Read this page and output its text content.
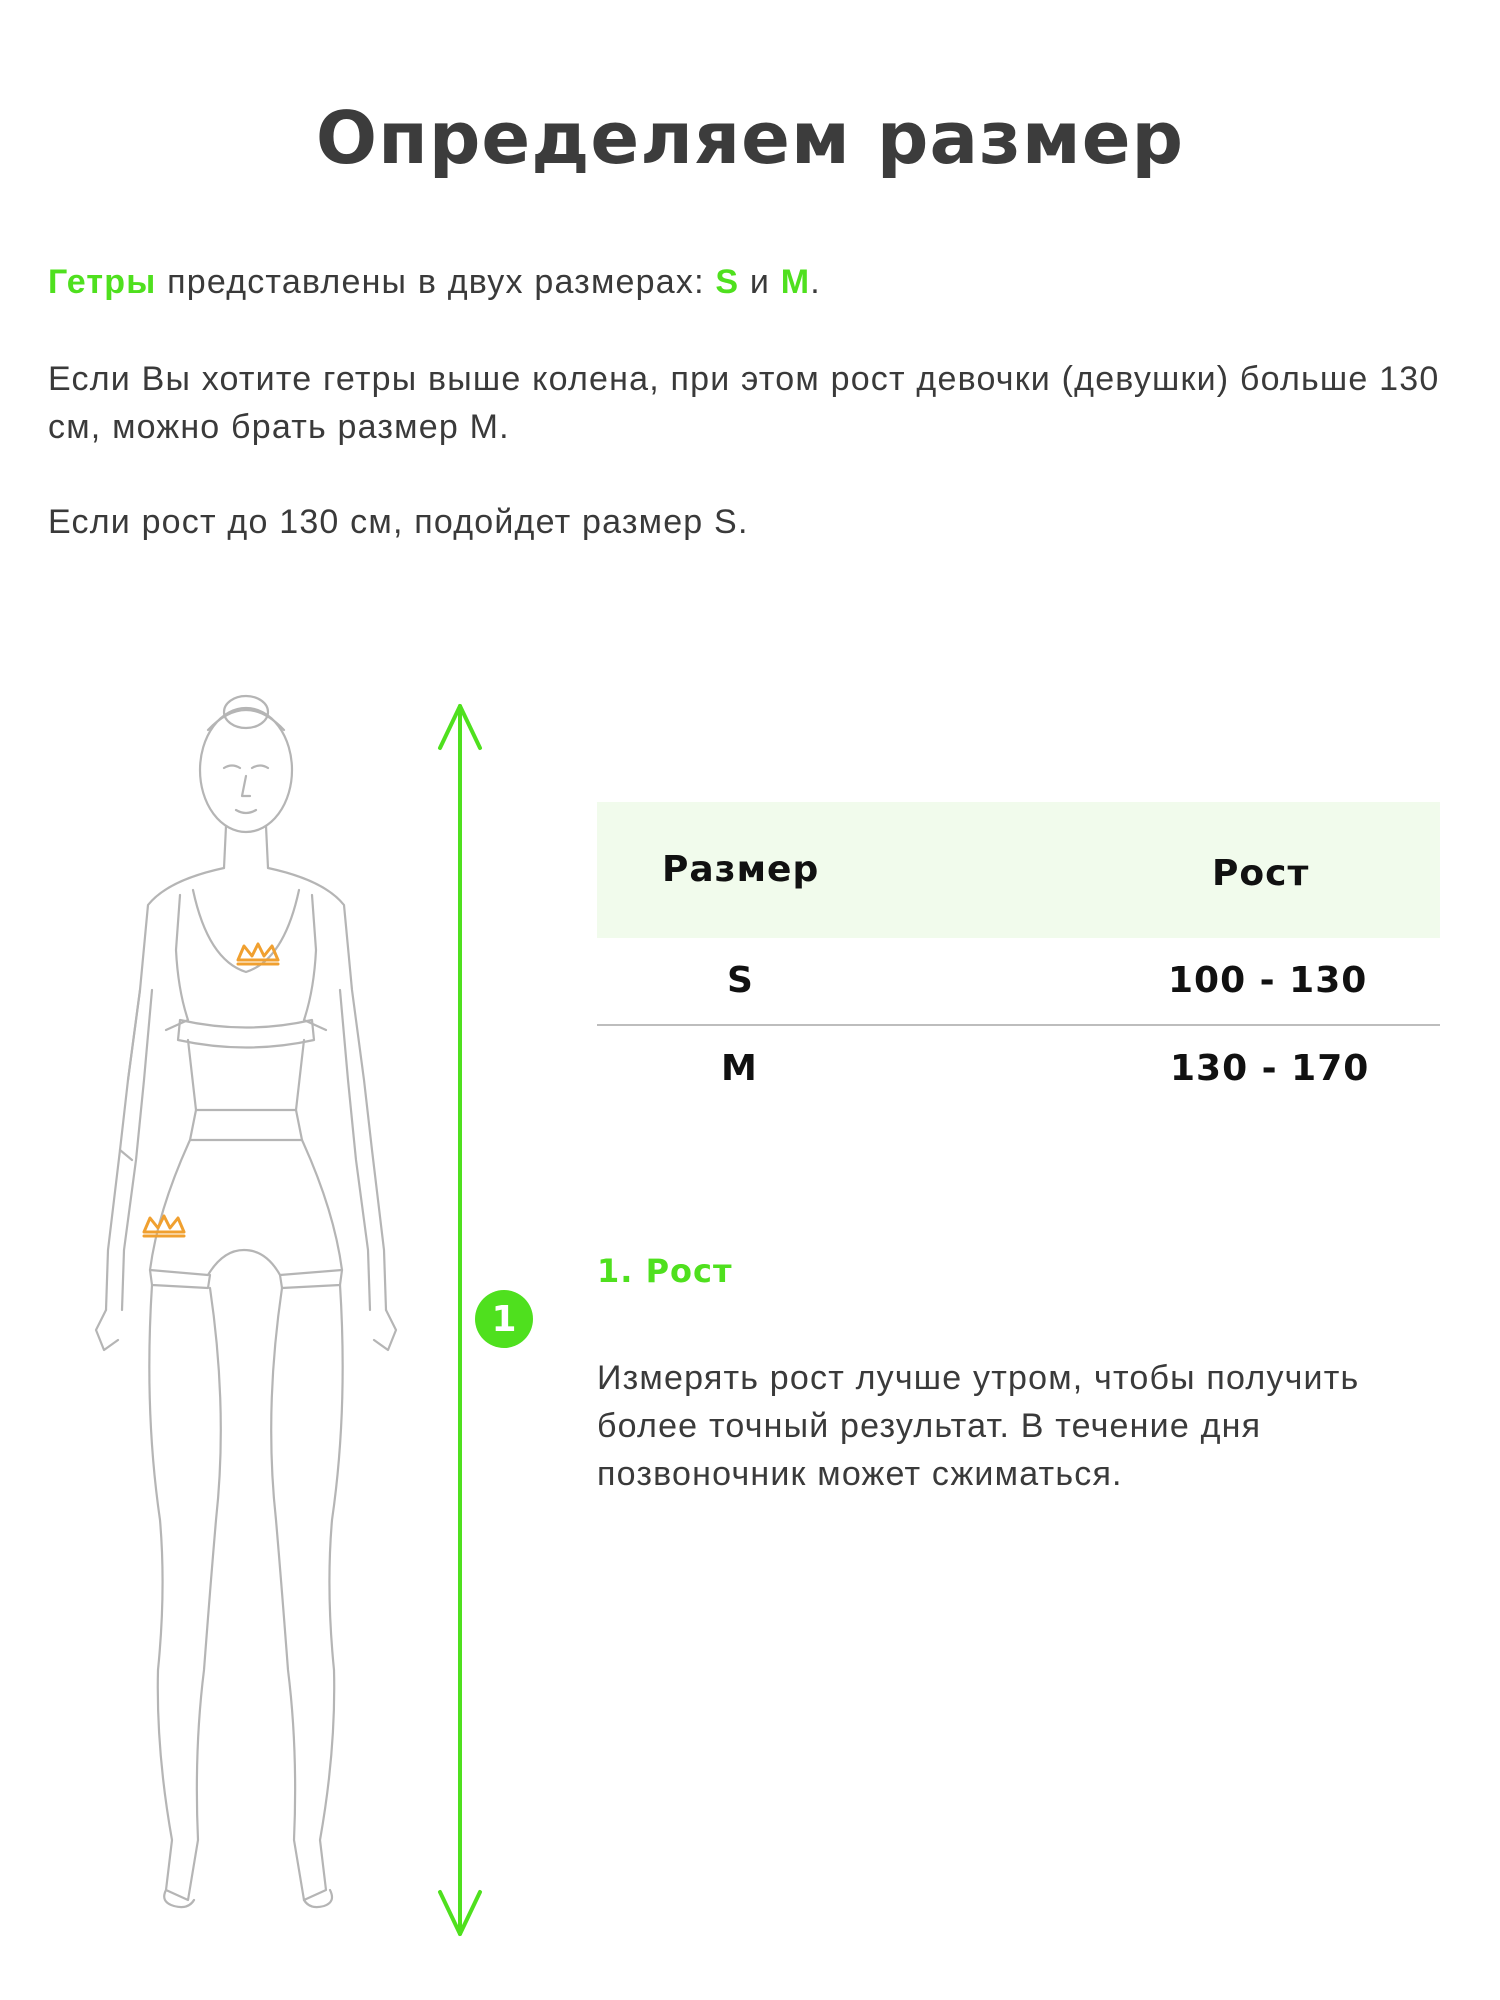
Определяем размер

Гетры представлены в двух размерах: S и M.

Если Вы хотите гетры выше колена, при этом рост девочки (девушки) больше 130 см, можно брать размер М.

Если рост до 130 см, подойдет размер S.

1
Размер	Рост
S	100 - 130
M	130 - 170
1. Рост

Измерять рост лучше утром, чтобы получить более точный результат. В течение дня позвоночник может сжиматься.
